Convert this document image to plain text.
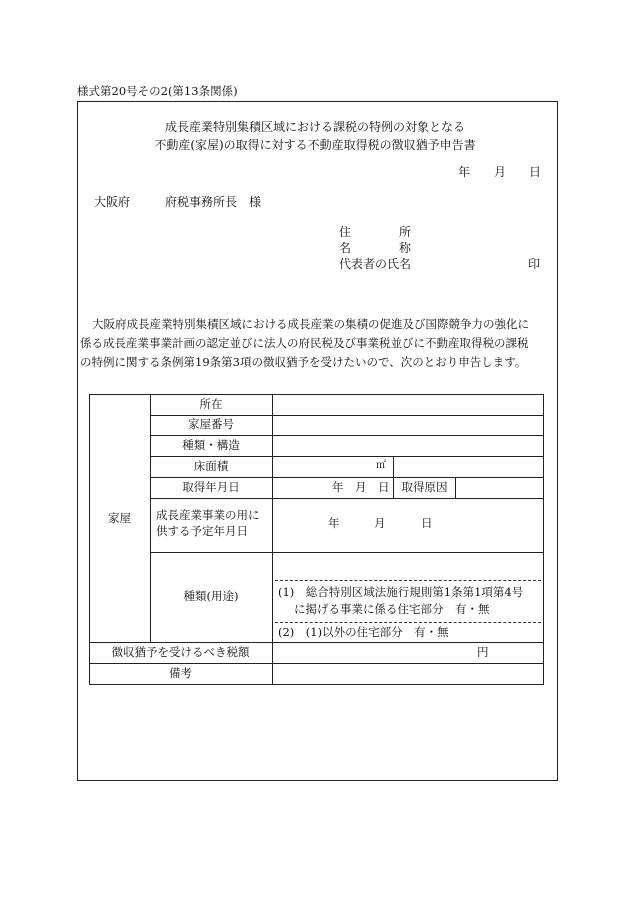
様式第20号その2(第13条関係)
成長産業特別集積区域における課税の特例の対象となる
不動産(家屋)の取得に対する不動産取得税の徴収猶予申告書
年 月 日
大阪府	府税事務所長　様
住　　　　所
名　　　　称
代表者の氏名	印
大阪府成長産業特別集積区域における成長産業の集積の促進及び国際競争力の強化に
係る成長産業事業計画の認定並びに法人の府民税及び事業税並びに不動産取得税の課税
の特例に関する条例第19条第3項の徴収猶予を受けたいので、次のとおり申告します。
家屋
所在
家屋番号
種類・構造
床面積	㎡
取得年月日	年 月 日	取得原因
成長産業事業の用に
供する予定年月日
年	月	日
種類(用途)	(1)　総合特別区域法施行規則第1条第1項第4号
に掲げる事業に係る住宅部分　有・無
(2)　(1)以外の住宅部分　有・無
徴収猶予を受けるべき税額	円
備考
